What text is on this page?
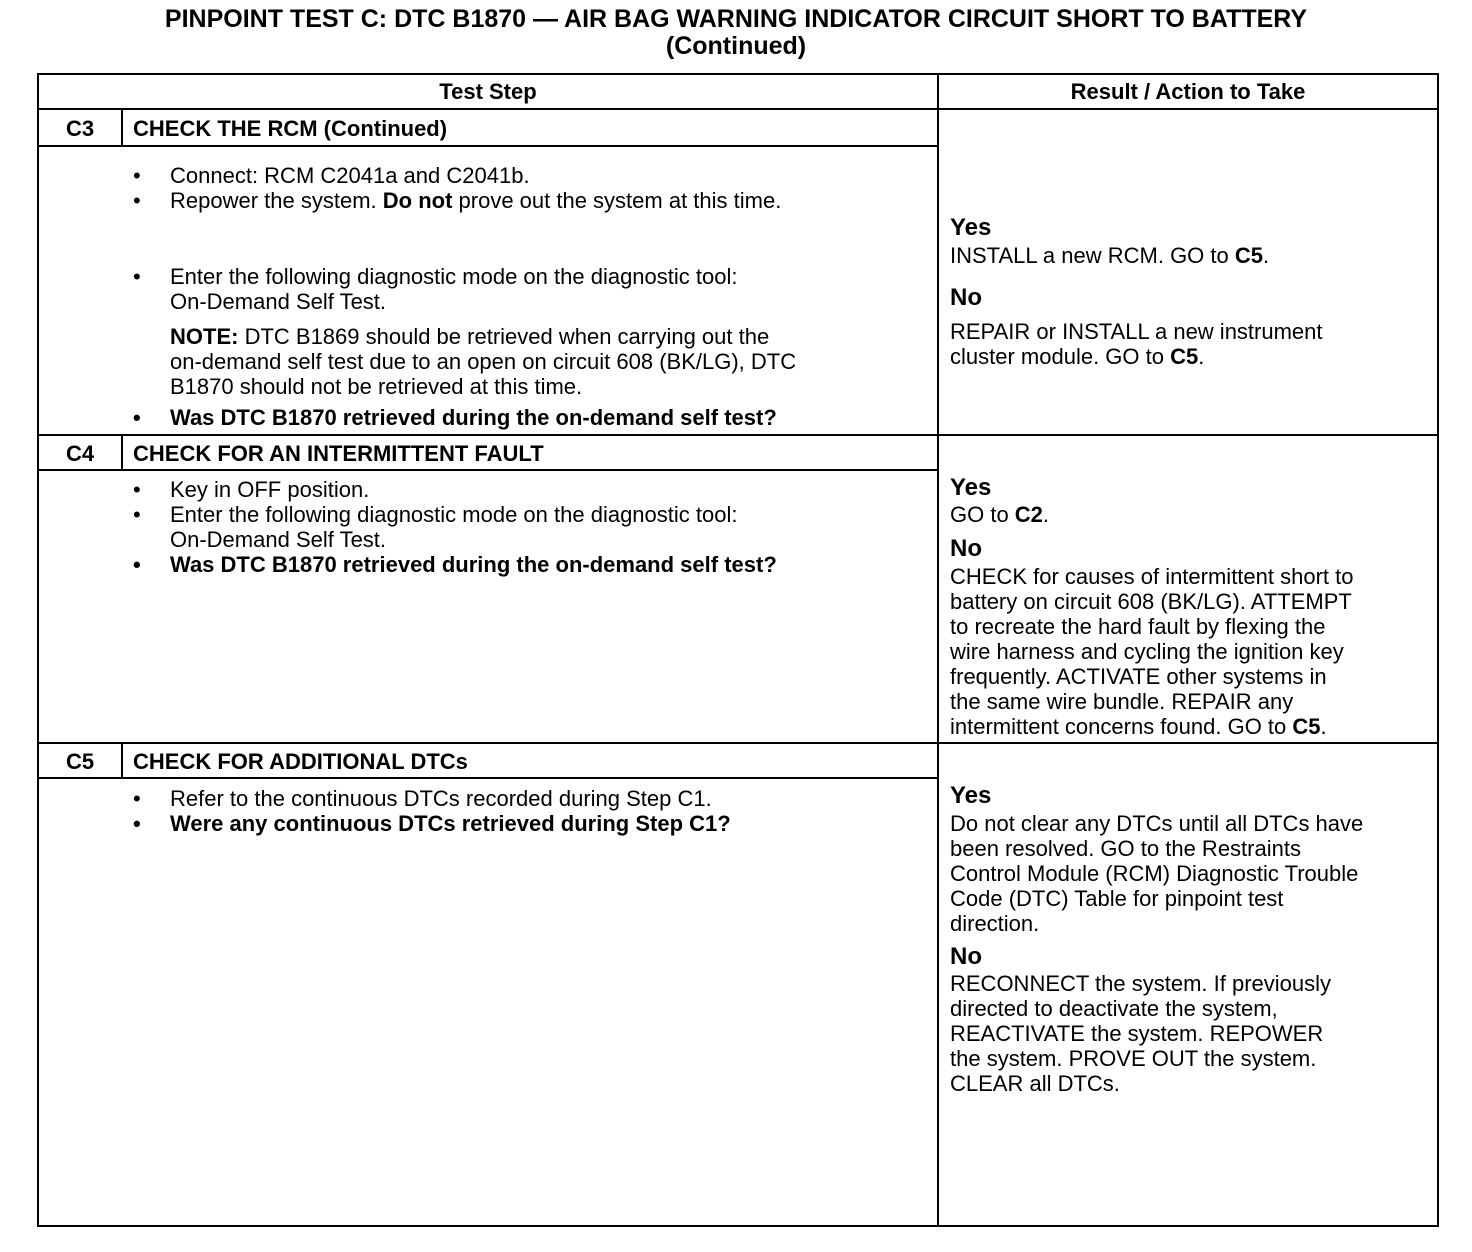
PINPOINT TEST C: DTC B1870 — AIR BAG WARNING INDICATOR CIRCUIT SHORT TO BATTERY
(Continued)
Test Step	Result / Action to Take
C3	CHECK THE RCM (Continued)
• Connect: RCM C2041a and C2041b.
• Repower the system. Do not prove out the system at this time.
• Enter the following diagnostic mode on the diagnostic tool:
On-Demand Self Test.
NOTE: DTC B1869 should be retrieved when carrying out the
on-demand self test due to an open on circuit 608 (BK/LG), DTC
B1870 should not be retrieved at this time.
• Was DTC B1870 retrieved during the on-demand self test?
Yes
INSTALL a new RCM. GO to C5.
No
REPAIR or INSTALL a new instrument
cluster module. GO to C5.
C4	CHECK FOR AN INTERMITTENT FAULT
• Key in OFF position.
• Enter the following diagnostic mode on the diagnostic tool:
On-Demand Self Test.
• Was DTC B1870 retrieved during the on-demand self test?
Yes
GO to C2.
No
CHECK for causes of intermittent short to
battery on circuit 608 (BK/LG). ATTEMPT
to recreate the hard fault by flexing the
wire harness and cycling the ignition key
frequently. ACTIVATE other systems in
the same wire bundle. REPAIR any
intermittent concerns found. GO to C5.
C5	CHECK FOR ADDITIONAL DTCs
• Refer to the continuous DTCs recorded during Step C1.
• Were any continuous DTCs retrieved during Step C1?
Yes
Do not clear any DTCs until all DTCs have
been resolved. GO to the Restraints
Control Module (RCM) Diagnostic Trouble
Code (DTC) Table for pinpoint test
direction.
No
RECONNECT the system. If previously
directed to deactivate the system,
REACTIVATE the system. REPOWER
the system. PROVE OUT the system.
CLEAR all DTCs.
